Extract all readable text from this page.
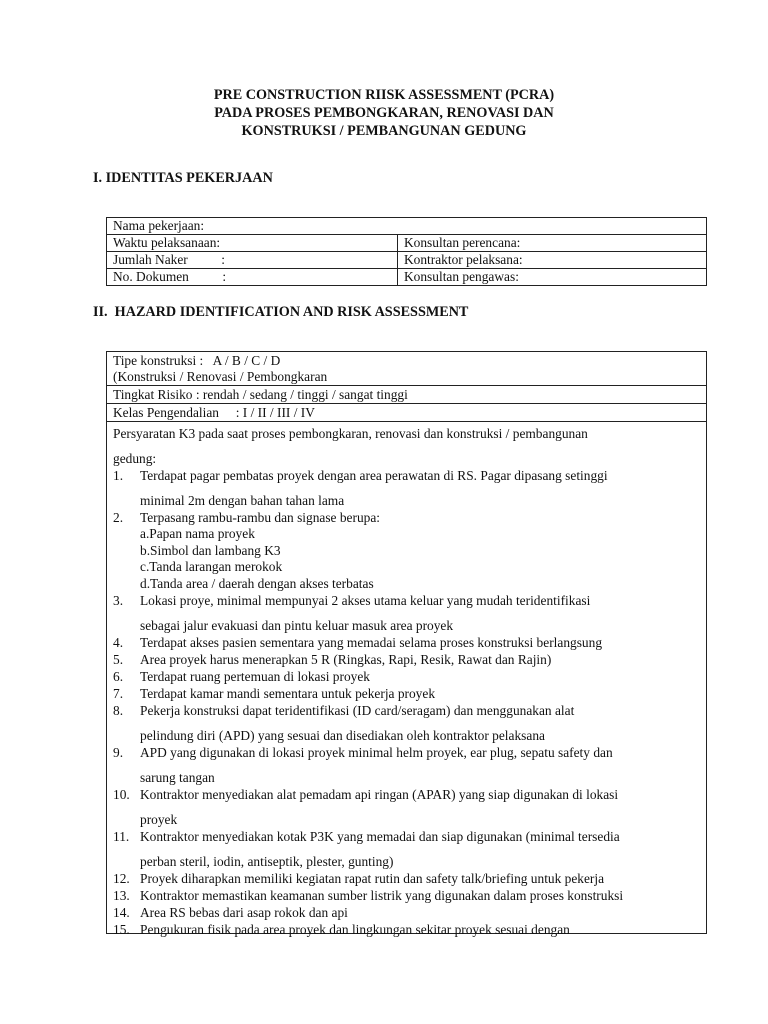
PRE CONSTRUCTION RIISK ASSESSMENT (PCRA)
PADA PROSES PEMBONGKARAN, RENOVASI DAN
KONSTRUKSI / PEMBANGUNAN GEDUNG
I. IDENTITAS PEKERJAAN
Nama pekerjaan:	
Waktu pelaksanaan:	Konsultan perencana:
Jumlah Naker          :	Kontraktor pelaksana:
No. Dokumen          :	Konsultan pengawas:
II.  HAZARD IDENTIFICATION AND RISK ASSESSMENT
Tipe konstruksi :   A / B / C / D
(Konstruksi / Renovasi / Pembongkaran
Tingkat Risiko : rendah / sedang / tinggi / sangat tinggi
Kelas Pengendalian     : I / II / III / IV
Persyaratan K3 pada saat proses pembongkaran, renovasi dan konstruksi / pembangunan
gedung:
1.	Terdapat pagar pembatas proyek dengan area perawatan di RS. Pagar dipasang setinggi
minimal 2m dengan bahan tahan lama
2.	Terpasang rambu-rambu dan signase berupa:
a.Papan nama proyek
b.Simbol dan lambang K3
c.Tanda larangan merokok
d.Tanda area / daerah dengan akses terbatas
3.	Lokasi proye, minimal mempunyai 2 akses utama keluar yang mudah teridentifikasi
sebagai jalur evakuasi dan pintu keluar masuk area proyek
4.	Terdapat akses pasien sementara yang memadai selama proses konstruksi berlangsung
5.	Area proyek harus menerapkan 5 R (Ringkas, Rapi, Resik, Rawat dan Rajin)
6.	Terdapat ruang pertemuan di lokasi proyek
7.	Terdapat kamar mandi sementara untuk pekerja proyek
8.	Pekerja konstruksi dapat teridentifikasi (ID card/seragam) dan menggunakan alat
pelindung diri (APD) yang sesuai dan disediakan oleh kontraktor pelaksana
9.	APD yang digunakan di lokasi proyek minimal helm proyek, ear plug, sepatu safety dan
sarung tangan
10. Kontraktor menyediakan alat pemadam api ringan (APAR) yang siap digunakan di lokasi
proyek
11. Kontraktor menyediakan kotak P3K yang memadai dan siap digunakan (minimal tersedia
perban steril, iodin, antiseptik, plester, gunting)
12. Proyek diharapkan memiliki kegiatan rapat rutin dan safety talk/briefing untuk pekerja
13. Kontraktor memastikan keamanan sumber listrik yang digunakan dalam proses konstruksi
14. Area RS bebas dari asap rokok dan api
15. Pengukuran fisik pada area proyek dan lingkungan sekitar proyek sesuai dengan
